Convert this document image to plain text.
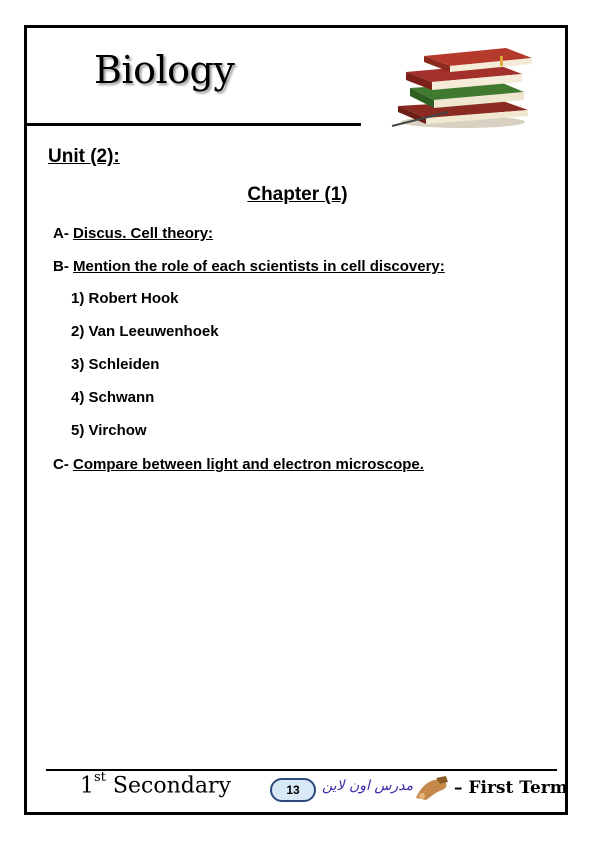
Biology
Unit (2):
Chapter (1)
A- Discus. Cell theory:
B- Mention the role of each scientists in cell discovery:
1) Robert Hook
2) Van Leeuwenhoek
3) Schleiden
4) Schwann
5) Virchow
C- Compare between light and electron microscope.
1st Secondary	13	مدرس اون لاين – First Term
